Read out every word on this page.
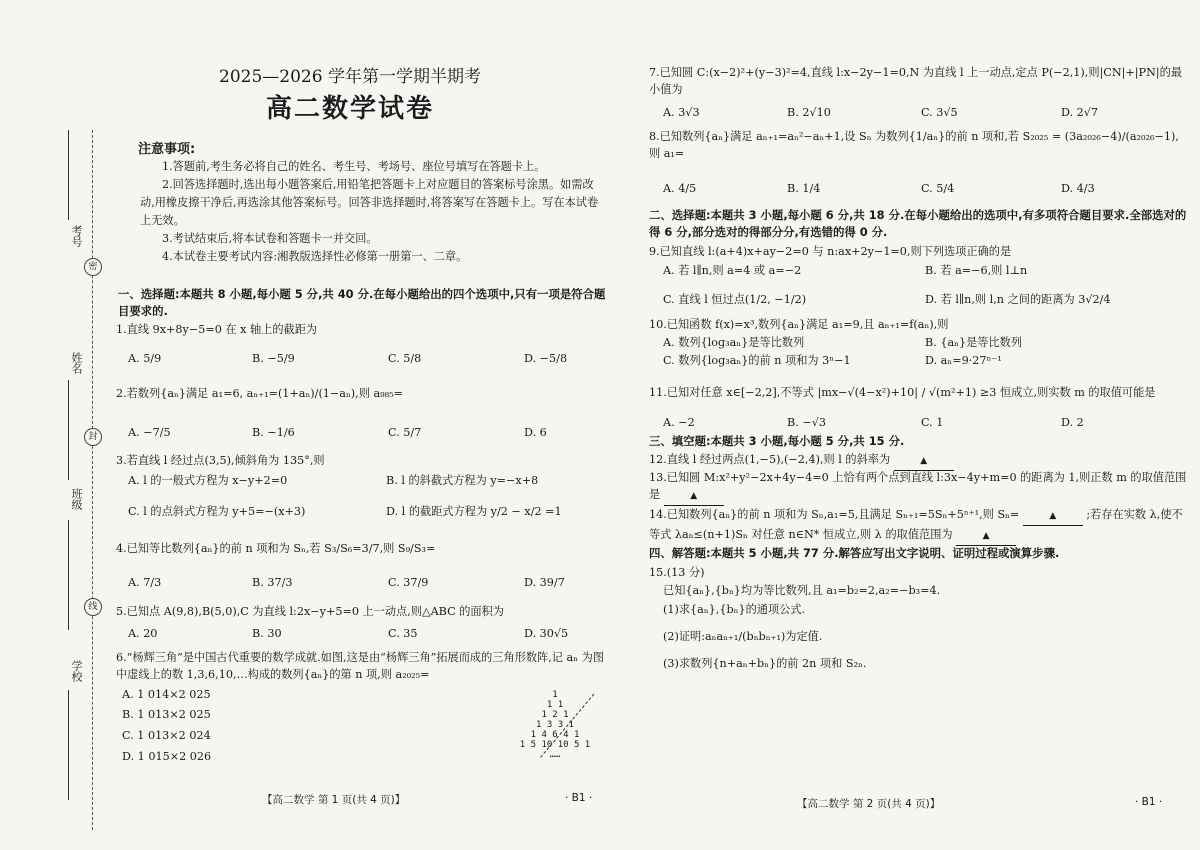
密
封
线
考号
姓名
班级
学校
2025—2026 学年第一学期半期考
高二数学试卷
注意事项:

1.答题前,考生务必将自己的姓名、考生号、考场号、座位号填写在答题卡上。

2.回答选择题时,选出每小题答案后,用铅笔把答题卡上对应题目的答案标号涂黑。如需改动,用橡皮擦干净后,再选涂其他答案标号。回答非选择题时,将答案写在答题卡上。写在本试卷上无效。

3.考试结束后,将本试卷和答题卡一并交回。

4.本试卷主要考试内容:湘教版选择性必修第一册第一、二章。

一、选择题:本题共 8 小题,每小题 5 分,共 40 分.在每小题给出的四个选项中,只有一项是符合题目要求的.
1.直线 9x+8y−5=0 在 x 轴上的截距为
A. 5/9	B. −5/9	C. 5/8	D. −5/8
2.若数列{aₙ}满足 a₁=6, aₙ₊₁=(1+aₙ)/(1−aₙ),则 a₉₈₅=
A. −7/5	B. −1/6	C. 5/7	D. 6
3.若直线 l 经过点(3,5),倾斜角为 135°,则
A. l 的一般式方程为 x−y+2=0	B. l 的斜截式方程为 y=−x+8
C. l 的点斜式方程为 y+5=−(x+3)	D. l 的截距式方程为 y/2 − x/2 =1
4.已知等比数列{aₙ}的前 n 项和为 Sₙ,若 S₃/S₆=3/7,则 S₉/S₃=
A. 7/3	B. 37/3	C. 37/9	D. 39/7
5.已知点 A(9,8),B(5,0),C 为直线 l:2x−y+5=0 上一动点,则△ABC 的面积为
A. 20	B. 30	C. 35	D. 30√5
6.“杨辉三角”是中国古代重要的数学成就.如图,这是由“杨辉三角”拓展而成的三角形数阵,记 aₙ 为图中虚线上的数 1,3,6,10,…构成的数列{aₙ}的第 n 项,则 a₂₀₂₅=
A. 1 014×2 025
B. 1 013×2 025
C. 1 013×2 024
D. 1 015×2 026
1
1 1
1 2 1
1 3 3 1
1 4 6 4 1
1 5 10 10 5 1
……
【高二数学 第 1 页(共 4 页)】	· B1 ·
7.已知圆 C:(x−2)²+(y−3)²=4,直线 l:x−2y−1=0,N 为直线 l 上一动点,定点 P(−2,1),则|CN|+|PN|的最小值为
A. 3√3	B. 2√10	C. 3√5	D. 2√7
8.已知数列{aₙ}满足 aₙ₊₁=aₙ²−aₙ+1,设 Sₙ 为数列{1/aₙ}的前 n 项和,若 S₂₀₂₅ = (3a₂₀₂₆−4)/(a₂₀₂₆−1),则 a₁=
A. 4/5	B. 1/4	C. 5/4	D. 4/3
二、选择题:本题共 3 小题,每小题 6 分,共 18 分.在每小题给出的选项中,有多项符合题目要求.全部选对的得 6 分,部分选对的得部分分,有选错的得 0 分.
9.已知直线 l:(a+4)x+ay−2=0 与 n:ax+2y−1=0,则下列选项正确的是
A. 若 l∥n,则 a=4 或 a=−2	B. 若 a=−6,则 l⊥n
C. 直线 l 恒过点(1/2, −1/2)	D. 若 l∥n,则 l,n 之间的距离为 3√2/4
10.已知函数 f(x)=x³,数列{aₙ}满足 a₁=9,且 aₙ₊₁=f(aₙ),则
A. 数列{log₃aₙ}是等比数列	B. {aₙ}是等比数列
C. 数列{log₃aₙ}的前 n 项和为 3ⁿ−1	D. aₙ=9·27ⁿ⁻¹
11.已知对任意 x∈[−2,2],不等式 |mx−√(4−x²)+10| / √(m²+1) ≥3 恒成立,则实数 m 的取值可能是
A. −2	B. −√3	C. 1	D. 2
三、填空题:本题共 3 小题,每小题 5 分,共 15 分.
12.直线 l 经过两点(1,−5),(−2,4),则 l 的斜率为	▲
13.已知圆 M:x²+y²−2x+4y−4=0 上恰有两个点到直线 l:3x−4y+m=0 的距离为 1,则正数 m 的取值范围是	▲
14.已知数列{aₙ}的前 n 项和为 Sₙ,a₁=5,且满足 Sₙ₊₁=5Sₙ+5ⁿ⁺¹,则 Sₙ=	▲	;若存在实数 λ,使不等式 λaₙ≤(n+1)Sₙ 对任意 n∈N* 恒成立,则 λ 的取值范围为	▲
四、解答题:本题共 5 小题,共 77 分.解答应写出文字说明、证明过程或演算步骤.
15.(13 分)
已知{aₙ},{bₙ}均为等比数列,且 a₁=b₂=2,a₂=−b₃=4.
(1)求{aₙ},{bₙ}的通项公式.
(2)证明:aₙaₙ₊₁/(bₙbₙ₊₁)为定值.
(3)求数列{n+aₙ+bₙ}的前 2n 项和 S₂ₙ.
【高二数学 第 2 页(共 4 页)】	· B1 ·
